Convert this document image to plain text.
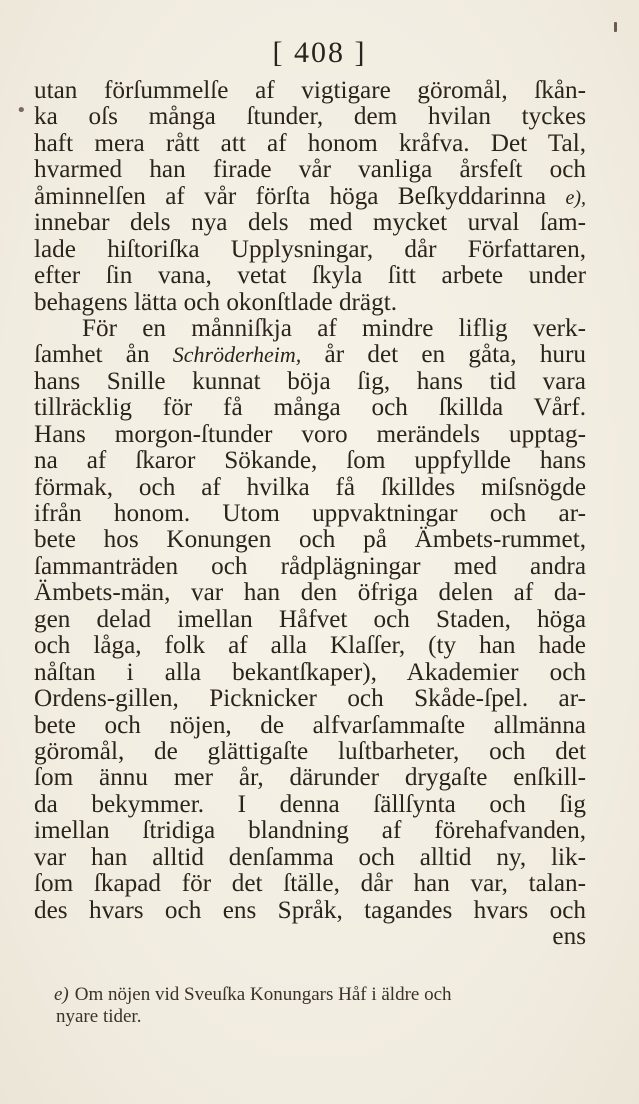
•
[ 408 ]
utan förſummelſe af vigtigare göromål, ſkån-
ka oſs många ſtunder, dem hvilan tyckes
haft mera rått att af honom kråfva. Det Tal,
hvarmed han firade vår vanliga årsfeſt och
åminnelſen af vår förſta höga Beſkyddarinna e),
innebar dels nya dels med mycket urval ſam-
lade hiſtoriſka Upplysningar, dår Författaren,
efter ſin vana, vetat ſkyla ſitt arbete under
behagens lätta och okonſtlade drägt.
För en månniſkja af mindre liflig verk-
ſamhet ån Schröderheim, år det en gåta, huru
hans Snille kunnat böja ſig, hans tid vara
tillräcklig för få många och ſkillda Vårf.
Hans morgon-ſtunder voro merändels upptag-
na af ſkaror Sökande, ſom uppfyllde hans
förmak, och af hvilka få ſkilldes miſsnögde
ifrån honom. Utom uppvaktningar och ar-
bete hos Konungen och på Ämbets-rummet,
ſammanträden och rådplägningar med andra
Ämbets-män, var han den öfriga delen af da-
gen delad imellan Håfvet och Staden, höga
och låga, folk af alla Klaſſer, (ty han hade
nåſtan i alla bekantſkaper), Akademier och
Ordens-gillen, Picknicker och Skåde-ſpel. ar-
bete och nöjen, de alfvarſammaſte allmänna
göromål, de glättigaſte luſtbarheter, och det
ſom ännu mer år, därunder drygaſte enſkill-
da bekymmer. I denna ſällſynta och ſig
imellan ſtridiga blandning af förehafvanden,
var han alltid denſamma och alltid ny, lik-
ſom ſkapad för det ſtälle, dår han var, talan-
des hvars och ens Språk, tagandes hvars och
ens
e) Om nöjen vid Sveuſka Konungars Håf i äldre och
nyare tider.
